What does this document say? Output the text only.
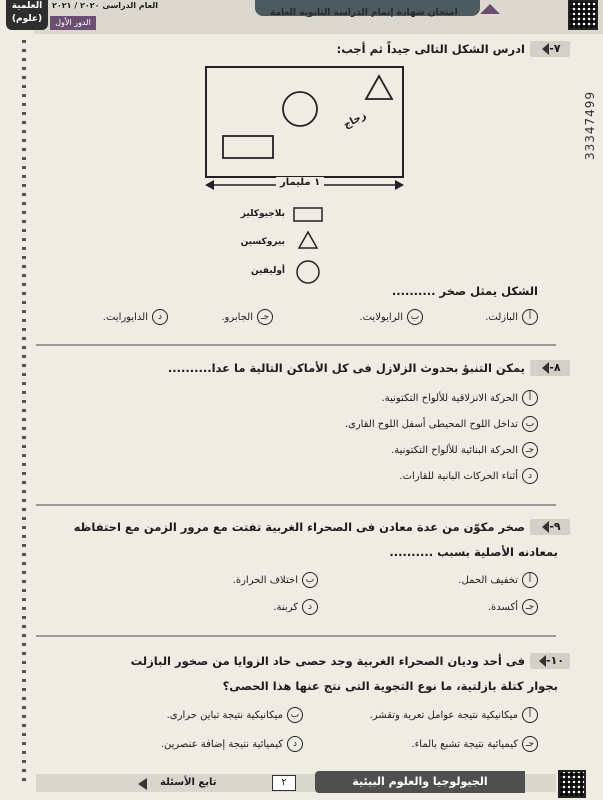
العلمية
(علوم)
العام الدراسى ٢٠٢٠ / ٢٠٢١
الدور الأول
امتحان شهادة إتمام الدراسة الثانوية العامة
33347499
-٧
ادرس الشكل التالى جيداً ثم أجب:
زجاج
١ مليمار
بلاجيوكليز
بيروكسين
أوليفين
الشكل يمثل صخر ..........
أ
البازلت.
ب
الرايولايت.
جـ
الجابرو.
د
الدايورايت.
-٨
يمكن التنبؤ بحدوث الزلازل فى كل الأماكن التالية ما عدا..........
أ
الحركة الانزلاقية للألواح التكتونية.
ب
تداخل اللوح المحيطى أسفل اللوح القارى.
جـ
الحركة البنائية للألواح التكتونية.
د
أثناء الحركات البانية للقارات.
-٩
صخر مكوّن من عدة معادن فى الصحراء الغربية تفتت مع مرور الزمن مع احتفاظه
بمعادنه الأصلية بسبب ..........
أ
تخفيف الحمل.
ب
اختلاف الحرارة.
جـ
أكسدة.
د
كربنة.
-١٠
فى أحد وديان الصحراء الغربية وجد حصى حاد الزوايا من صخور البازلت
بجوار كتلة بازلتية، ما نوع التجوية التى نتج عنها هذا الحصى؟
أ
ميكانيكية نتيجة عوامل تعرية وتقشر.
ب
ميكانيكية نتيجة تباين حرارى.
جـ
كيميائية نتيجة تشبع بالماء.
د
كيميائية نتيجة إضافة عنصرين.
الجيولوجيا والعلوم البيئية
٢
تابع الأسئلة
